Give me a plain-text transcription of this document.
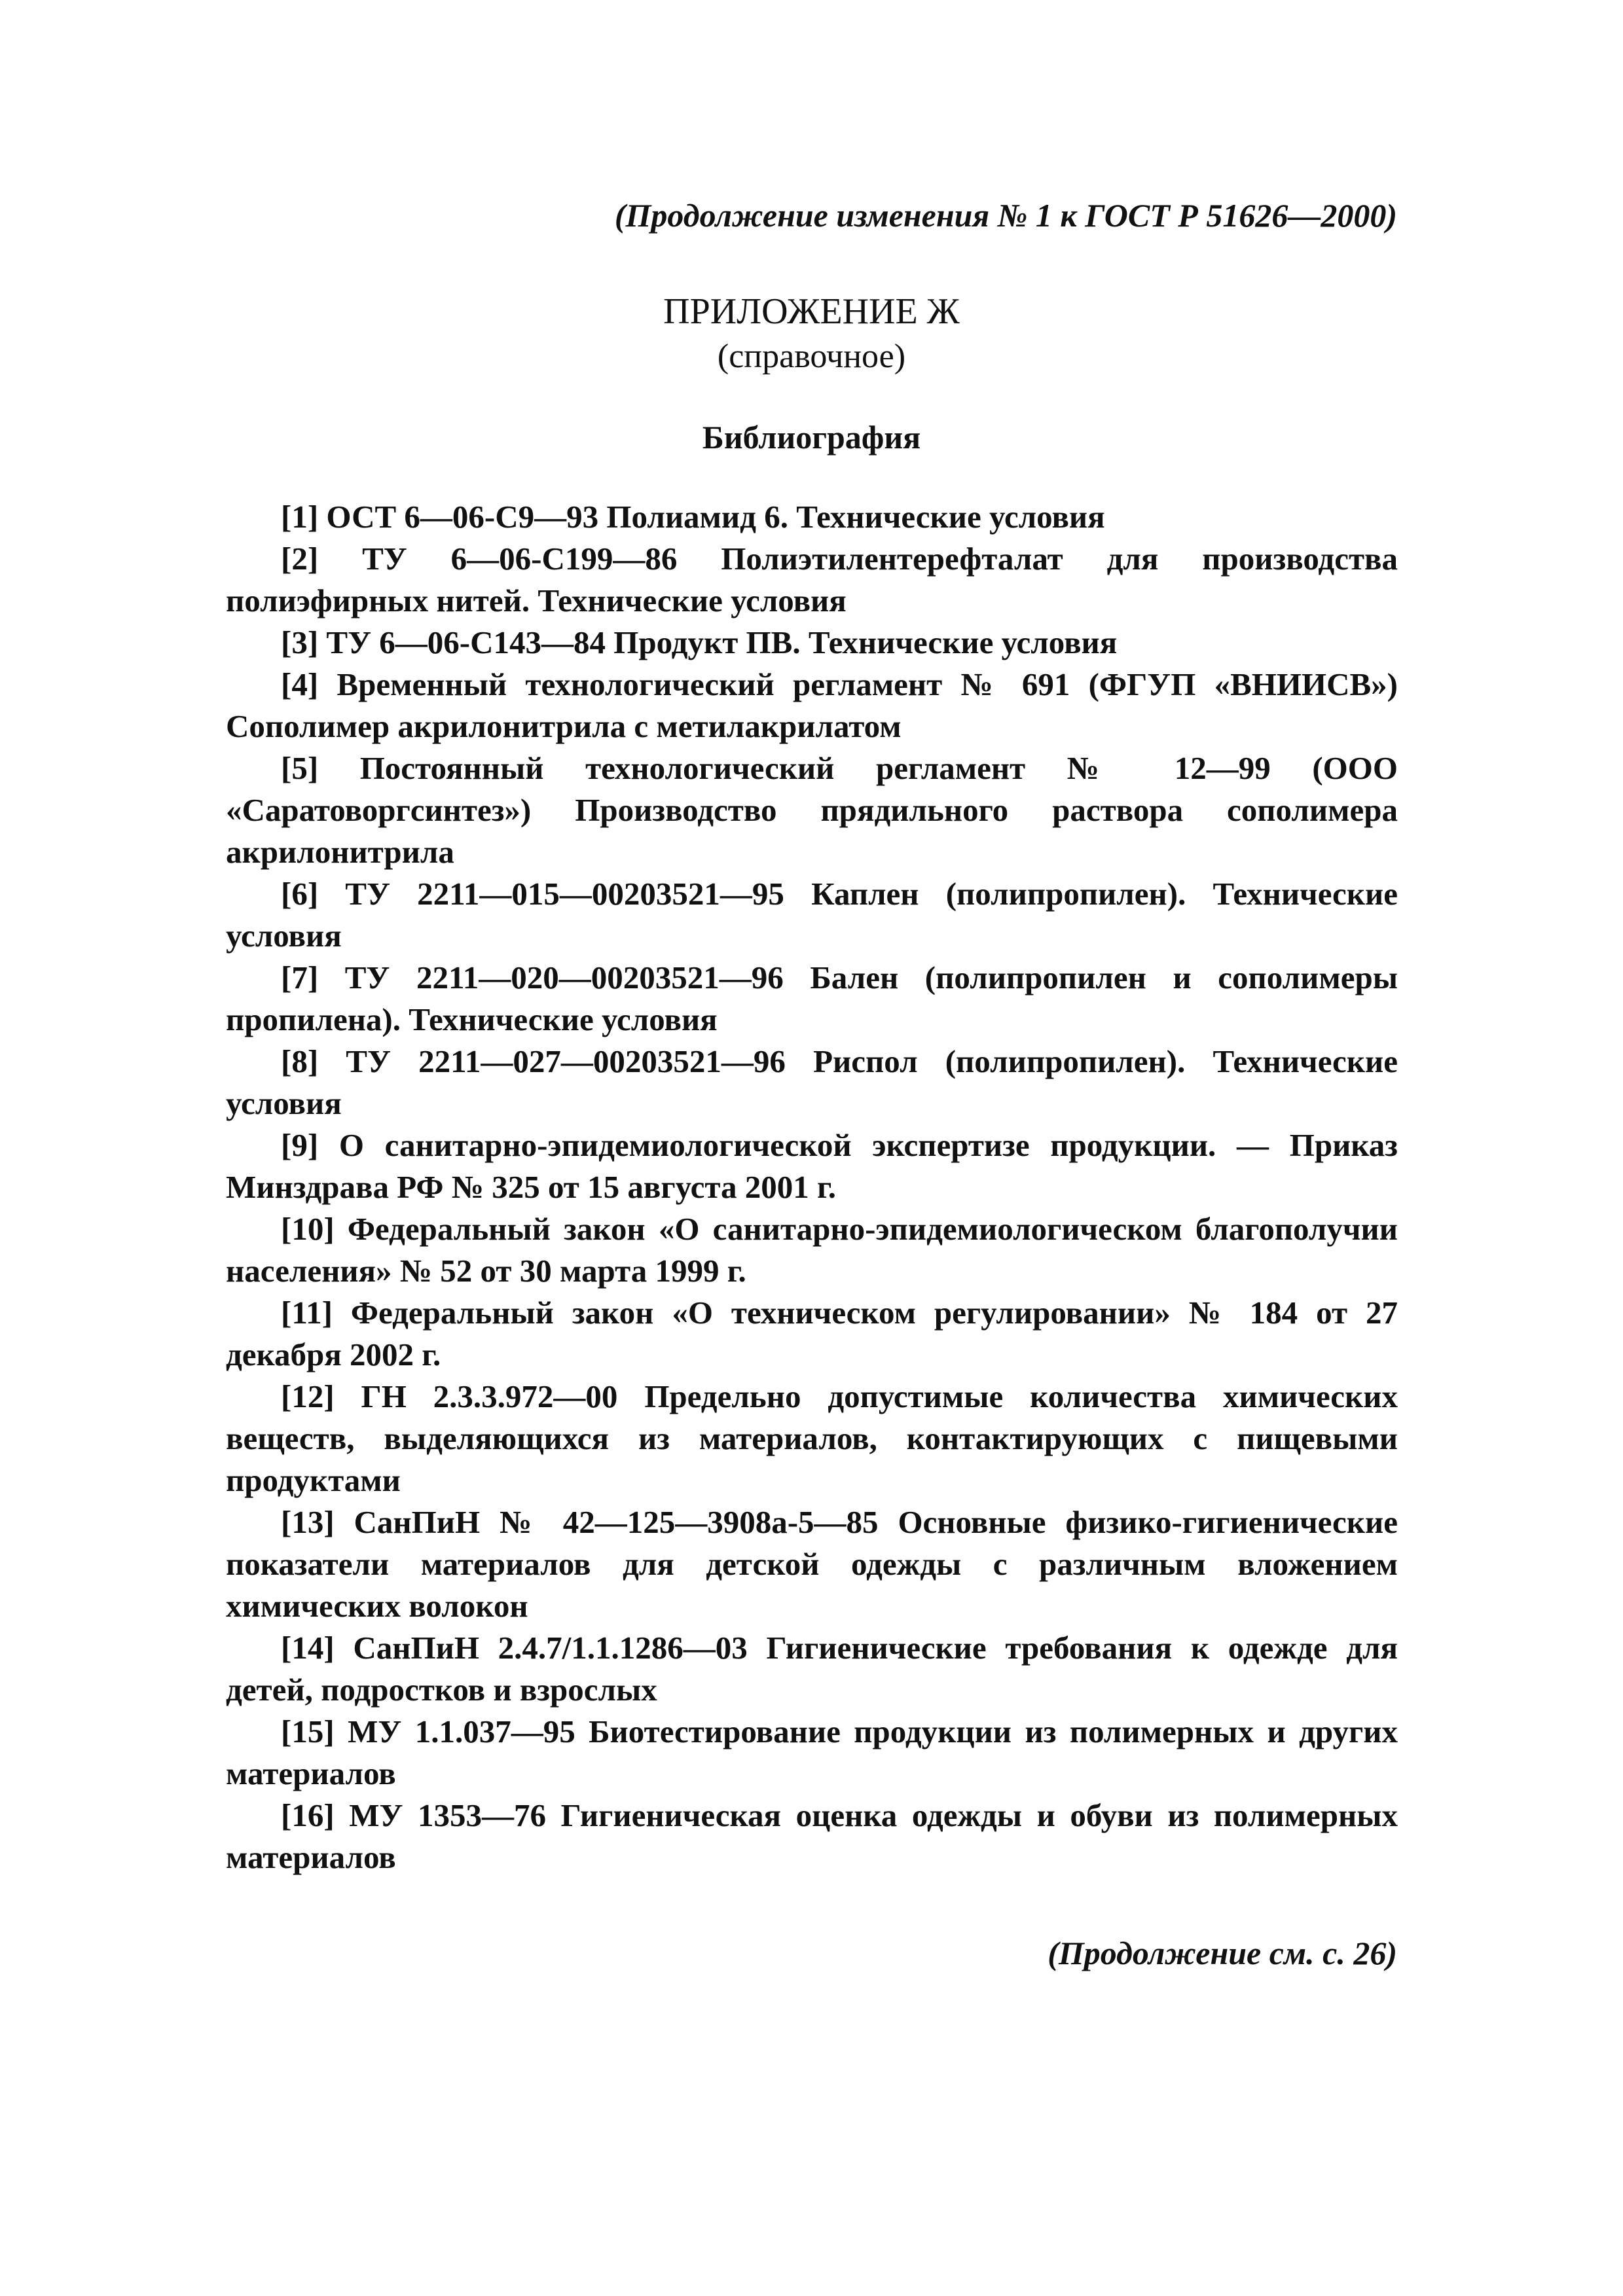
(Продолжение изменения № 1 к ГОСТ Р 51626—2000)
ПРИЛОЖЕНИЕ Ж
(справочное)
Библиография

[1] ОСТ 6—06-С9—93 Полиамид 6. Технические условия

[2] ТУ 6—06-С199—86 Полиэтилентерефталат для производства полиэфирных нитей. Технические условия

[3] ТУ 6—06-С143—84 Продукт ПВ. Технические условия

[4] Временный технологический регламент № 691 (ФГУП «ВНИИСВ») Сополимер акрилонитрила с метилакрилатом

[5] Постоянный технологический регламент № 12—99 (ООО «Саратоворгсинтез») Производство прядильного раствора сополимера акрилонитрила

[6] ТУ 2211—015—00203521—95 Каплен (полипропилен). Технические условия

[7] ТУ 2211—020—00203521—96 Бален (полипропилен и сополимеры пропилена). Технические условия

[8] ТУ 2211—027—00203521—96 Риспол (полипропилен). Технические условия

[9] О санитарно-эпидемиологической экспертизе продукции. — Приказ Минздрава РФ № 325 от 15 августа 2001 г.

[10] Федеральный закон «О санитарно-эпидемиологическом благополучии населения» № 52 от 30 марта 1999 г.

[11] Федеральный закон «О техническом регулировании» № 184 от 27 декабря 2002 г.

[12] ГН 2.3.3.972—00 Предельно допустимые количества химических веществ, выделяющихся из материалов, контактирующих с пищевыми продуктами

[13] СанПиН № 42—125—3908а-5—85 Основные физико-гигиенические показатели материалов для детской одежды с различным вложением химических волокон

[14] СанПиН 2.4.7/1.1.1286—03 Гигиенические требования к одежде для детей, подростков и взрослых

[15] МУ 1.1.037—95 Биотестирование продукции из полимерных и других материалов

[16] МУ 1353—76 Гигиеническая оценка одежды и обуви из полимерных материалов

(Продолжение см. с. 26)
